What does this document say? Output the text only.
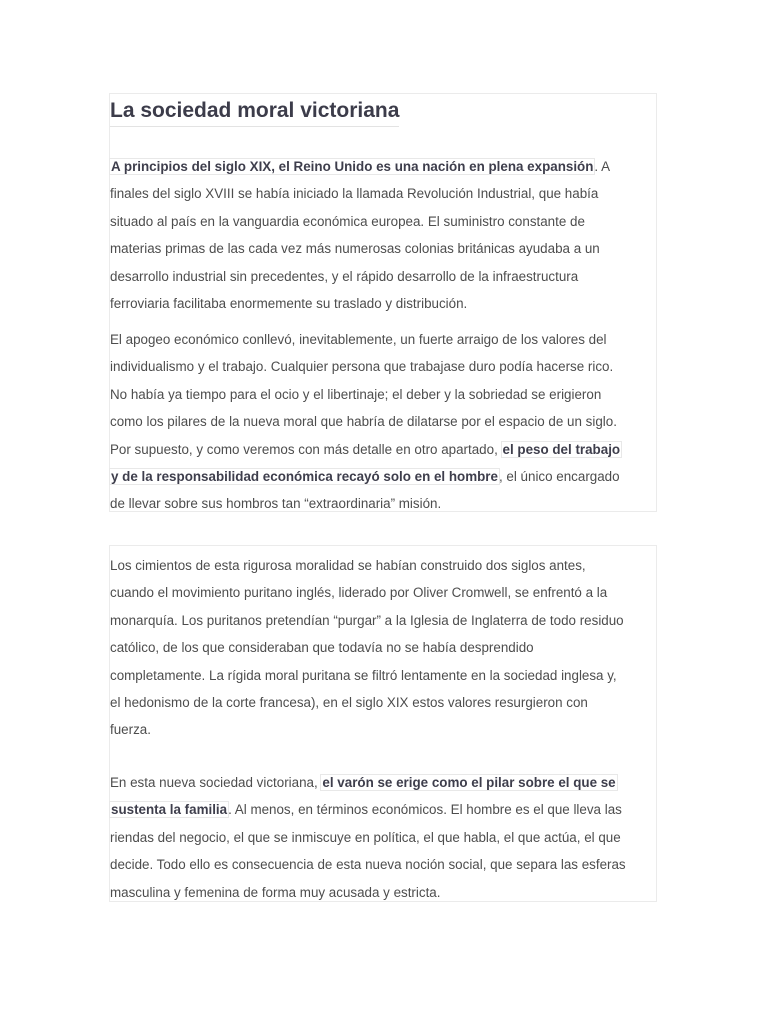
La sociedad moral victoriana

A principios del siglo XIX, el Reino Unido es una nación en plena expansión. A
finales del siglo XVIII se había iniciado la llamada Revolución Industrial, que había
situado al país en la vanguardia económica europea. El suministro constante de
materias primas de las cada vez más numerosas colonias británicas ayudaba a un
desarrollo industrial sin precedentes, y el rápido desarrollo de la infraestructura
ferroviaria facilitaba enormemente su traslado y distribución.

El apogeo económico conllevó, inevitablemente, un fuerte arraigo de los valores del
individualismo y el trabajo. Cualquier persona que trabajase duro podía hacerse rico.
No había ya tiempo para el ocio y el libertinaje; el deber y la sobriedad se erigieron
como los pilares de la nueva moral que habría de dilatarse por el espacio de un siglo.
Por supuesto, y como veremos con más detalle en otro apartado, el peso del trabajo
y de la responsabilidad económica recayó solo en el hombre, el único encargado
de llevar sobre sus hombros tan “extraordinaria” misión.

Los cimientos de esta rigurosa moralidad se habían construido dos siglos antes,
cuando el movimiento puritano inglés, liderado por Oliver Cromwell, se enfrentó a la
monarquía. Los puritanos pretendían “purgar” a la Iglesia de Inglaterra de todo residuo
católico, de los que consideraban que todavía no se había desprendido
completamente. La rígida moral puritana se filtró lentamente en la sociedad inglesa y,
el hedonismo de la corte francesa), en el siglo XIX estos valores resurgieron con
fuerza.

En esta nueva sociedad victoriana, el varón se erige como el pilar sobre el que se
sustenta la familia. Al menos, en términos económicos. El hombre es el que lleva las
riendas del negocio, el que se inmiscuye en política, el que habla, el que actúa, el que
decide. Todo ello es consecuencia de esta nueva noción social, que separa las esferas
masculina y femenina de forma muy acusada y estricta.
